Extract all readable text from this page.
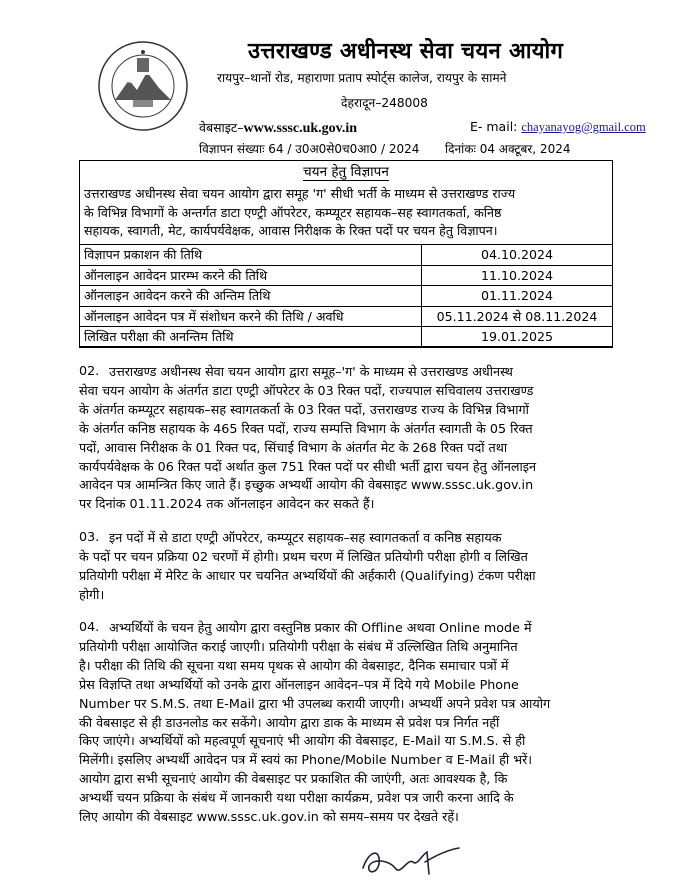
उत्तराखण्ड अधीनस्थ सेवा चयन आयोग
रायपुर–थानों रोड, महाराणा प्रताप स्पोर्ट्स कालेज, रायपुर के सामने
देहरादून–248008
वेबसाइट–www.sssc.uk.gov.in	E- mail: chayanayog@gmail.com
विज्ञापन संख्याः 64 / उ0अ0से0च0आ0 / 2024 दिनांकः 04 अक्टूबर, 2024
चयन हेतु विज्ञापन
उत्तराखण्ड अधीनस्थ सेवा चयन आयोग द्वारा समूह 'ग' सीधी भर्ती के माध्यम से उत्तराखण्ड राज्य
के विभिन्न विभागों के अन्तर्गत डाटा एण्ट्री ऑपरेटर, कम्प्यूटर सहायक–सह स्वागतकर्ता, कनिष्ठ
सहायक, स्वागती, मेट, कार्यपर्यवेक्षक, आवास निरीक्षक के रिक्त पदों पर चयन हेतु विज्ञापन।
विज्ञापन प्रकाशन की तिथि	04.10.2024
ऑनलाइन आवेदन प्रारम्भ करने की तिथि	11.10.2024
ऑनलाइन आवेदन करने की अन्तिम तिथि	01.11.2024
ऑनलाइन आवेदन पत्र में संशोधन करने की तिथि / अवधि	05.11.2024 से 08.11.2024
लिखित परीक्षा की अनन्तिम तिथि	19.01.2025
02. उत्तराखण्ड अधीनस्थ सेवा चयन आयोग द्वारा समूह–'ग' के माध्यम से उत्तराखण्ड अधीनस्थ
सेवा चयन आयोग के अंतर्गत डाटा एण्ट्री ऑपरेटर के 03 रिक्त पदों, राज्यपाल सचिवालय उत्तराखण्ड
के अंतर्गत कम्प्यूटर सहायक–सह स्वागतकर्ता के 03 रिक्त पदों, उत्तराखण्ड राज्य के विभिन्न विभागों
के अंतर्गत कनिष्ठ सहायक के 465 रिक्त पदों, राज्य सम्पत्ति विभाग के अंतर्गत स्वागती के 05 रिक्त
पदों, आवास निरीक्षक के 01 रिक्त पद, सिंचाई विभाग के अंतर्गत मेट के 268 रिक्त पदों तथा
कार्यपर्यवेक्षक के 06 रिक्त पदों अर्थात कुल 751 रिक्त पदों पर सीधी भर्ती द्वारा चयन हेतु ऑनलाइन
आवेदन पत्र आमन्त्रित किए जाते हैं। इच्छुक अभ्यर्थी आयोग की वेबसाइट www.sssc.uk.gov.in
पर दिनांक 01.11.2024 तक ऑनलाइन आवेदन कर सकते हैं।
03. इन पदों में से डाटा एण्ट्री ऑपरेटर, कम्प्यूटर सहायक–सह स्वागतकर्ता व कनिष्ठ सहायक
के पदों पर चयन प्रक्रिया 02 चरणों में होगी। प्रथम चरण में लिखित प्रतियोगी परीक्षा होगी व लिखित
प्रतियोगी परीक्षा में मेरिट के आधार पर चयनित अभ्यर्थियों की अर्हकारी (Qualifying) टंकण परीक्षा
होगी।
04. अभ्यर्थियों के चयन हेतु आयोग द्वारा वस्तुनिष्ठ प्रकार की Offline अथवा Online mode में
प्रतियोगी परीक्षा आयोजित कराई जाएगी। प्रतियोगी परीक्षा के संबंध में उल्लिखित तिथि अनुमानित
है। परीक्षा की तिथि की सूचना यथा समय पृथक से आयोग की वेबसाइट, दैनिक समाचार पत्रों में
प्रेस विज्ञप्ति तथा अभ्यर्थियों को उनके द्वारा ऑनलाइन आवेदन–पत्र में दिये गये Mobile Phone
Number पर S.M.S. तथा E-Mail द्वारा भी उपलब्ध करायी जाएगी। अभ्यर्थी अपने प्रवेश पत्र आयोग
की वेबसाइट से ही डाउनलोड कर सकेंगे। आयोग द्वारा डाक के माध्यम से प्रवेश पत्र निर्गत नहीं
किए जाएंगे। अभ्यर्थियों को महत्वपूर्ण सूचनाएं भी आयोग की वेबसाइट, E-Mail या S.M.S. से ही
मिलेंगी। इसलिए अभ्यर्थी आवेदन पत्र में स्वयं का Phone/Mobile Number व E-Mail ही भरें।
आयोग द्वारा सभी सूचनाएं आयोग की वेबसाइट पर प्रकाशित की जाएंगी, अतः आवश्यक है, कि
अभ्यर्थी चयन प्रक्रिया के संबंध में जानकारी यथा परीक्षा कार्यक्रम, प्रवेश पत्र जारी करना आदि के
लिए आयोग की वेबसाइट www.sssc.uk.gov.in को समय–समय पर देखते रहें।
